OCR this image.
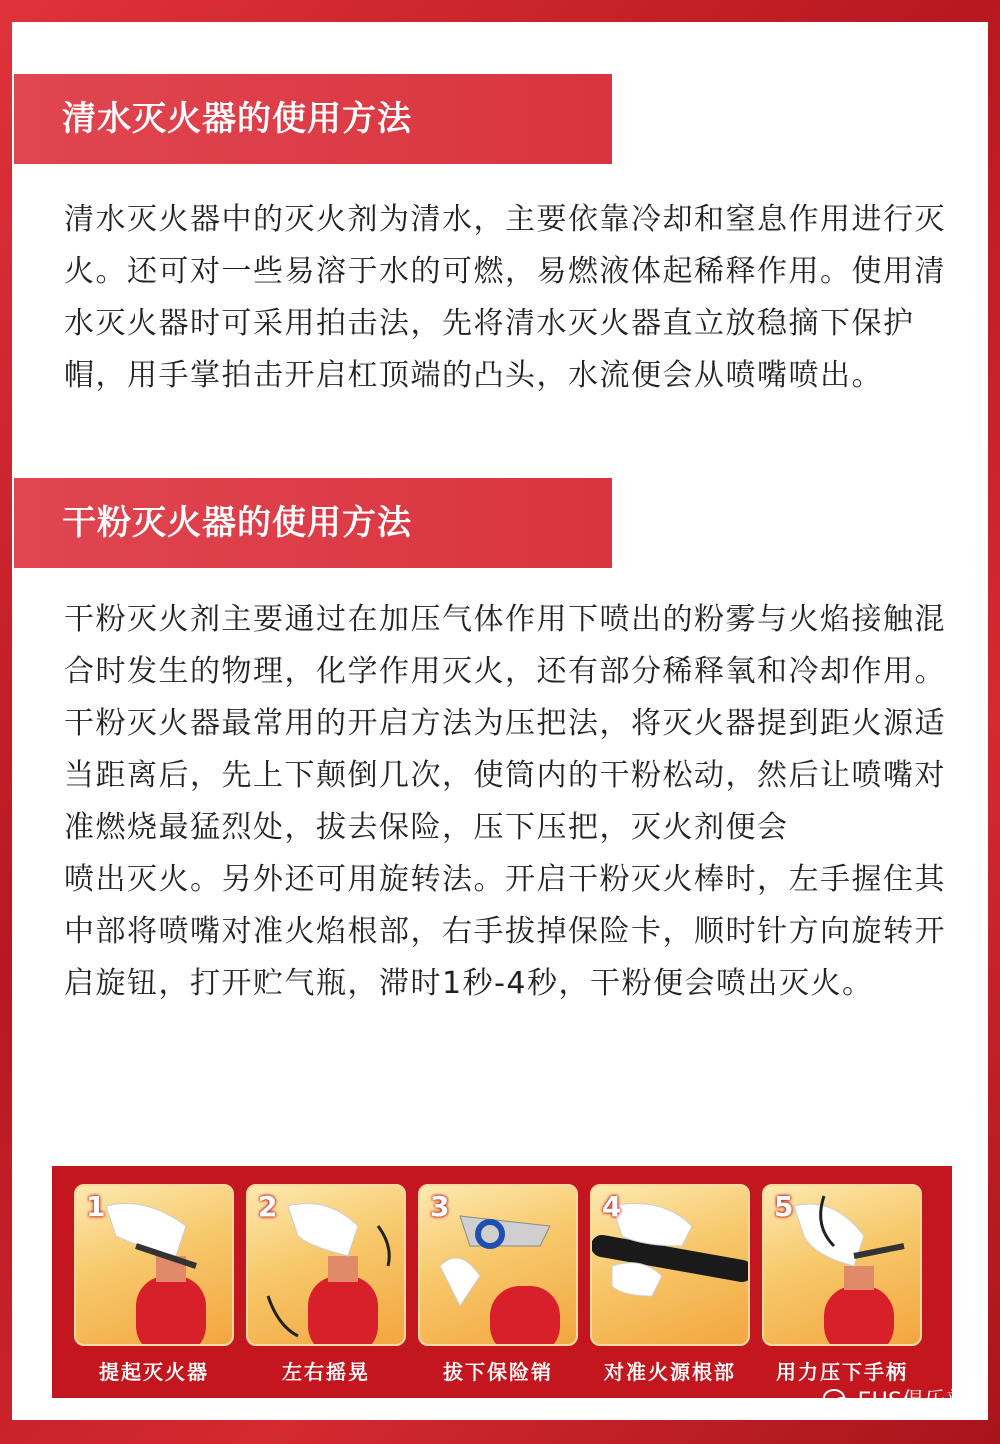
清水灭火器的使用方法

清水灭火器中的灭火剂为清水，主要依靠冷却和窒息作用进行灭火。还可对一些易溶于水的可燃，易燃液体起稀释作用。使用清水灭火器时可采用拍击法，先将清水灭火器直立放稳摘下保护帽，用手掌拍击开启杠顶端的凸头，水流便会从喷嘴喷出。

干粉灭火器的使用方法

干粉灭火剂主要通过在加压气体作用下喷出的粉雾与火焰接触混合时发生的物理，化学作用灭火，还有部分稀释氧和冷却作用。

干粉灭火器最常用的开启方法为压把法，将灭火器提到距火源适当距离后，先上下颠倒几次，使筒内的干粉松动，然后让喷嘴对准燃烧最猛烈处，拔去保险，压下压把，灭火剂便会

喷出灭火。另外还可用旋转法。开启干粉灭火棒时，左手握住其中部将喷嘴对准火焰根部，右手拔掉保险卡，顺时针方向旋转开启旋钮，打开贮气瓶，滞时1秒-4秒，干粉便会喷出灭火。

1
提起灭火器
2
左右摇晃
3
拔下保险销
4
对准火源根部
5
用力压下手柄
EHS俱乐部
